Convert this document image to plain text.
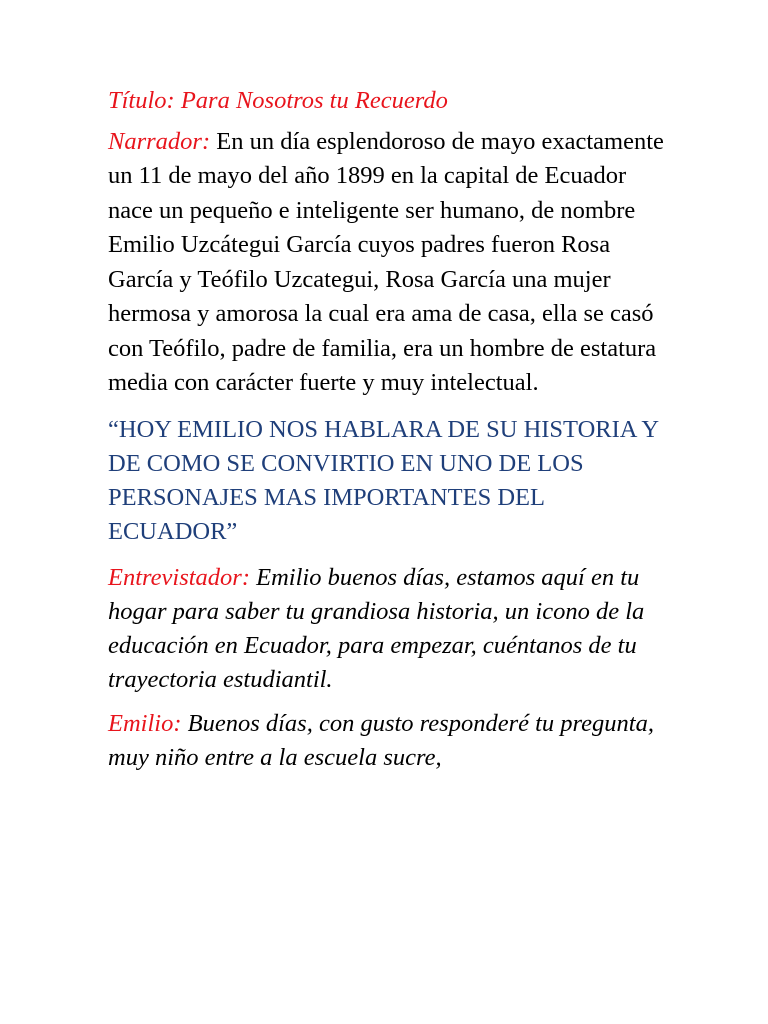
Título: Para Nosotros tu Recuerdo

Narrador: En un día esplendoroso de mayo exactamente un 11 de mayo del año 1899 en la capital de Ecuador nace un pequeño e inteligente ser humano, de nombre Emilio Uzcátegui García cuyos padres fueron Rosa García y Teófilo Uzcategui, Rosa García una mujer hermosa y amorosa la cual era ama de casa, ella se casó con Teófilo, padre de familia, era un hombre de estatura media con carácter fuerte y muy intelectual.

“HOY EMILIO NOS HABLARA DE SU HISTORIA Y DE COMO SE CONVIRTIO EN UNO DE LOS PERSONAJES MAS IMPORTANTES DEL ECUADOR”

Entrevistador: Emilio buenos días, estamos aquí en tu hogar para saber tu grandiosa historia, un icono de la educación en Ecuador, para empezar, cuéntanos de tu trayectoria estudiantil.

Emilio: Buenos días, con gusto responderé tu pregunta, muy niño entre a la escuela sucre,
